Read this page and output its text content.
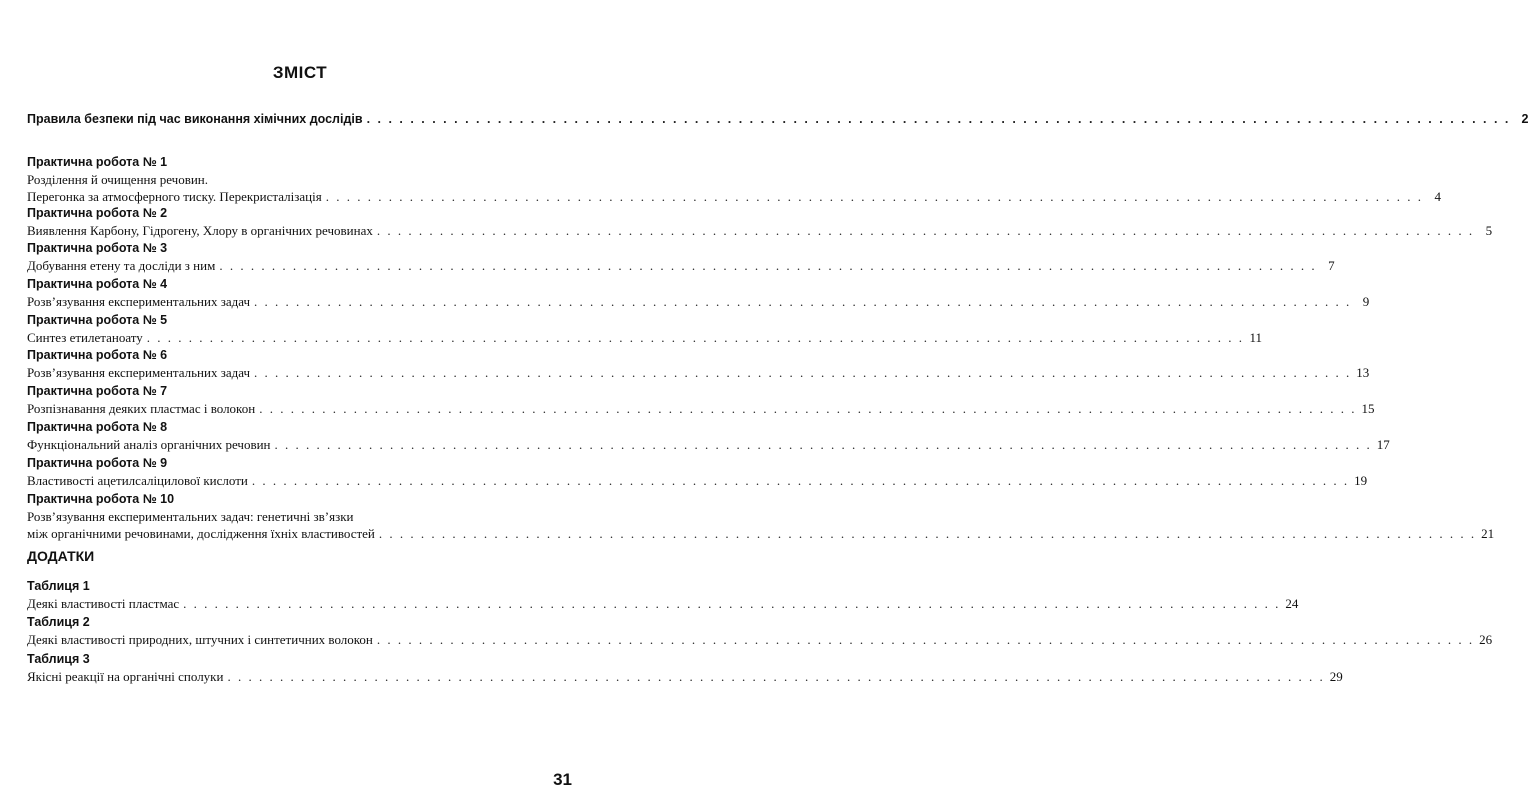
ЗМІСТ
Правила безпеки під час виконання хімічних дослідів . . . . . . . . . . . . . . . . . . . . . . . . . . . . . . . . . . . . . . . . . . . . . . . . . . . . . . . . . . . . . . . . . . . . . . . . . . . . . . . . . . . . . . . . . . . . . . . . . . . . . . . . . 2
Практична робота № 1
Розділення й очищення речовин.
Перегонка за атмосферного тиску. Перекристалізація . . . . . . . . . . . . . . . . . . . . . . . . . . . . . . . . . . . . . . . . . . . . . . . . . . . . . . . . . . . . . . . . . . . . . . . . . . . . . . . . . . . . . . . . . . . . . . . . . . . . . . . . . 4
Практична робота № 2
Виявлення Карбону, Гідрогену, Хлору в органічних речовинах . . . . . . . . . . . . . . . . . . . . . . . . . . . . . . . . . . . . . . . . . . . . . . . . . . . . . . . . . . . . . . . . . . . . . . . . . . . . . . . . . . . . . . . . . . . . . . . . . . . . . . . . . 5
Практична робота № 3
Добування етену та досліди з ним . . . . . . . . . . . . . . . . . . . . . . . . . . . . . . . . . . . . . . . . . . . . . . . . . . . . . . . . . . . . . . . . . . . . . . . . . . . . . . . . . . . . . . . . . . . . . . . . . . . . . . . . . 7
Практична робота № 4
Розв’язування експериментальних задач . . . . . . . . . . . . . . . . . . . . . . . . . . . . . . . . . . . . . . . . . . . . . . . . . . . . . . . . . . . . . . . . . . . . . . . . . . . . . . . . . . . . . . . . . . . . . . . . . . . . . . . . . 9
Практична робота № 5
Синтез етилетаноату . . . . . . . . . . . . . . . . . . . . . . . . . . . . . . . . . . . . . . . . . . . . . . . . . . . . . . . . . . . . . . . . . . . . . . . . . . . . . . . . . . . . . . . . . . . . . . . . . . . . . . . . . 11
Практична робота № 6
Розв’язування експериментальних задач . . . . . . . . . . . . . . . . . . . . . . . . . . . . . . . . . . . . . . . . . . . . . . . . . . . . . . . . . . . . . . . . . . . . . . . . . . . . . . . . . . . . . . . . . . . . . . . . . . . . . . . . . 13
Практична робота № 7
Розпізнавання деяких пластмас і волокон . . . . . . . . . . . . . . . . . . . . . . . . . . . . . . . . . . . . . . . . . . . . . . . . . . . . . . . . . . . . . . . . . . . . . . . . . . . . . . . . . . . . . . . . . . . . . . . . . . . . . . . . . 15
Практична робота № 8
Функціональний аналіз органічних речовин . . . . . . . . . . . . . . . . . . . . . . . . . . . . . . . . . . . . . . . . . . . . . . . . . . . . . . . . . . . . . . . . . . . . . . . . . . . . . . . . . . . . . . . . . . . . . . . . . . . . . . . . . 17
Практична робота № 9
Властивості ацетилсаліцилової кислоти . . . . . . . . . . . . . . . . . . . . . . . . . . . . . . . . . . . . . . . . . . . . . . . . . . . . . . . . . . . . . . . . . . . . . . . . . . . . . . . . . . . . . . . . . . . . . . . . . . . . . . . . . 19
Практична робота № 10
Розв’язування експериментальних задач: генетичні зв’язки
між органічними речовинами, дослідження їхніх властивостей . . . . . . . . . . . . . . . . . . . . . . . . . . . . . . . . . . . . . . . . . . . . . . . . . . . . . . . . . . . . . . . . . . . . . . . . . . . . . . . . . . . . . . . . . . . . . . . . . . . . . . . . . 21
ДОДАТКИ
Таблиця 1
Деякі властивості пластмас . . . . . . . . . . . . . . . . . . . . . . . . . . . . . . . . . . . . . . . . . . . . . . . . . . . . . . . . . . . . . . . . . . . . . . . . . . . . . . . . . . . . . . . . . . . . . . . . . . . . . . . . . 24
Таблиця 2
Деякі властивості природних, штучних і синтетичних волокон . . . . . . . . . . . . . . . . . . . . . . . . . . . . . . . . . . . . . . . . . . . . . . . . . . . . . . . . . . . . . . . . . . . . . . . . . . . . . . . . . . . . . . . . . . . . . . . . . . . . . . . . . 26
Таблиця 3
Якісні реакції на органічні сполуки . . . . . . . . . . . . . . . . . . . . . . . . . . . . . . . . . . . . . . . . . . . . . . . . . . . . . . . . . . . . . . . . . . . . . . . . . . . . . . . . . . . . . . . . . . . . . . . . . . . . . . . . . 29
31
